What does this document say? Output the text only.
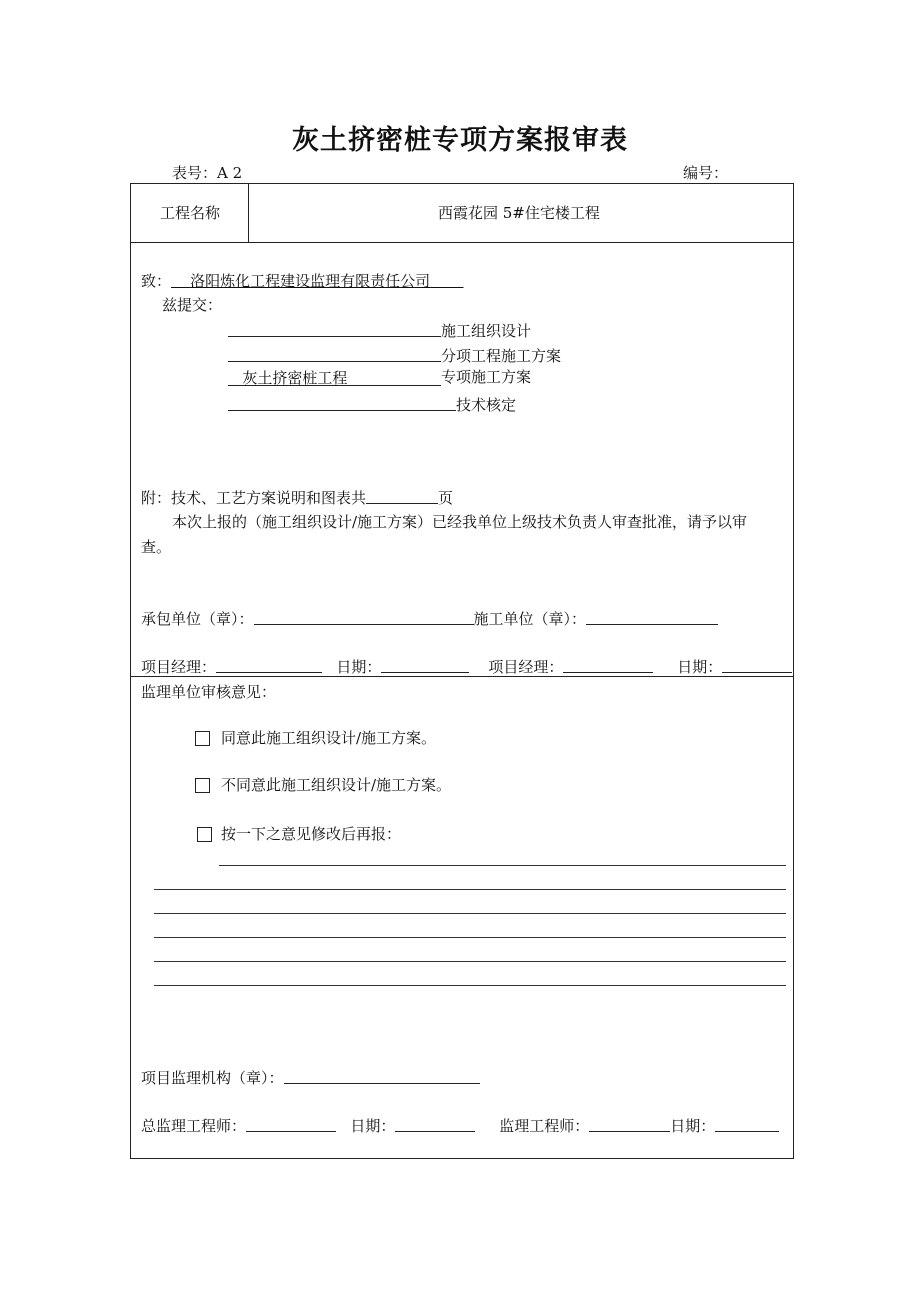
灰土挤密桩专项方案报审表
表号：A 2	编号：
工程名称	西霞花园 5#住宅楼工程
致： 洛阳炼化工程建设监理有限责任公司
兹提交：
施工组织设计
分项工程施工方案
灰土挤密桩工程	专项施工方案
技术核定
附：技术、工艺方案说明和图表共	页
本次上报的（施工组织设计/施工方案）已经我单位上级技术负责人审查批准，请予以审
查。
承包单位（章）：	施工单位（章）：
项目经理：	日期：	项目经理：	日期：
监理单位审核意见：
同意此施工组织设计/施工方案。
不同意此施工组织设计/施工方案。
按一下之意见修改后再报：
项目监理机构（章）：
总监理工程师：	日期：	监理工程师：	日期：
